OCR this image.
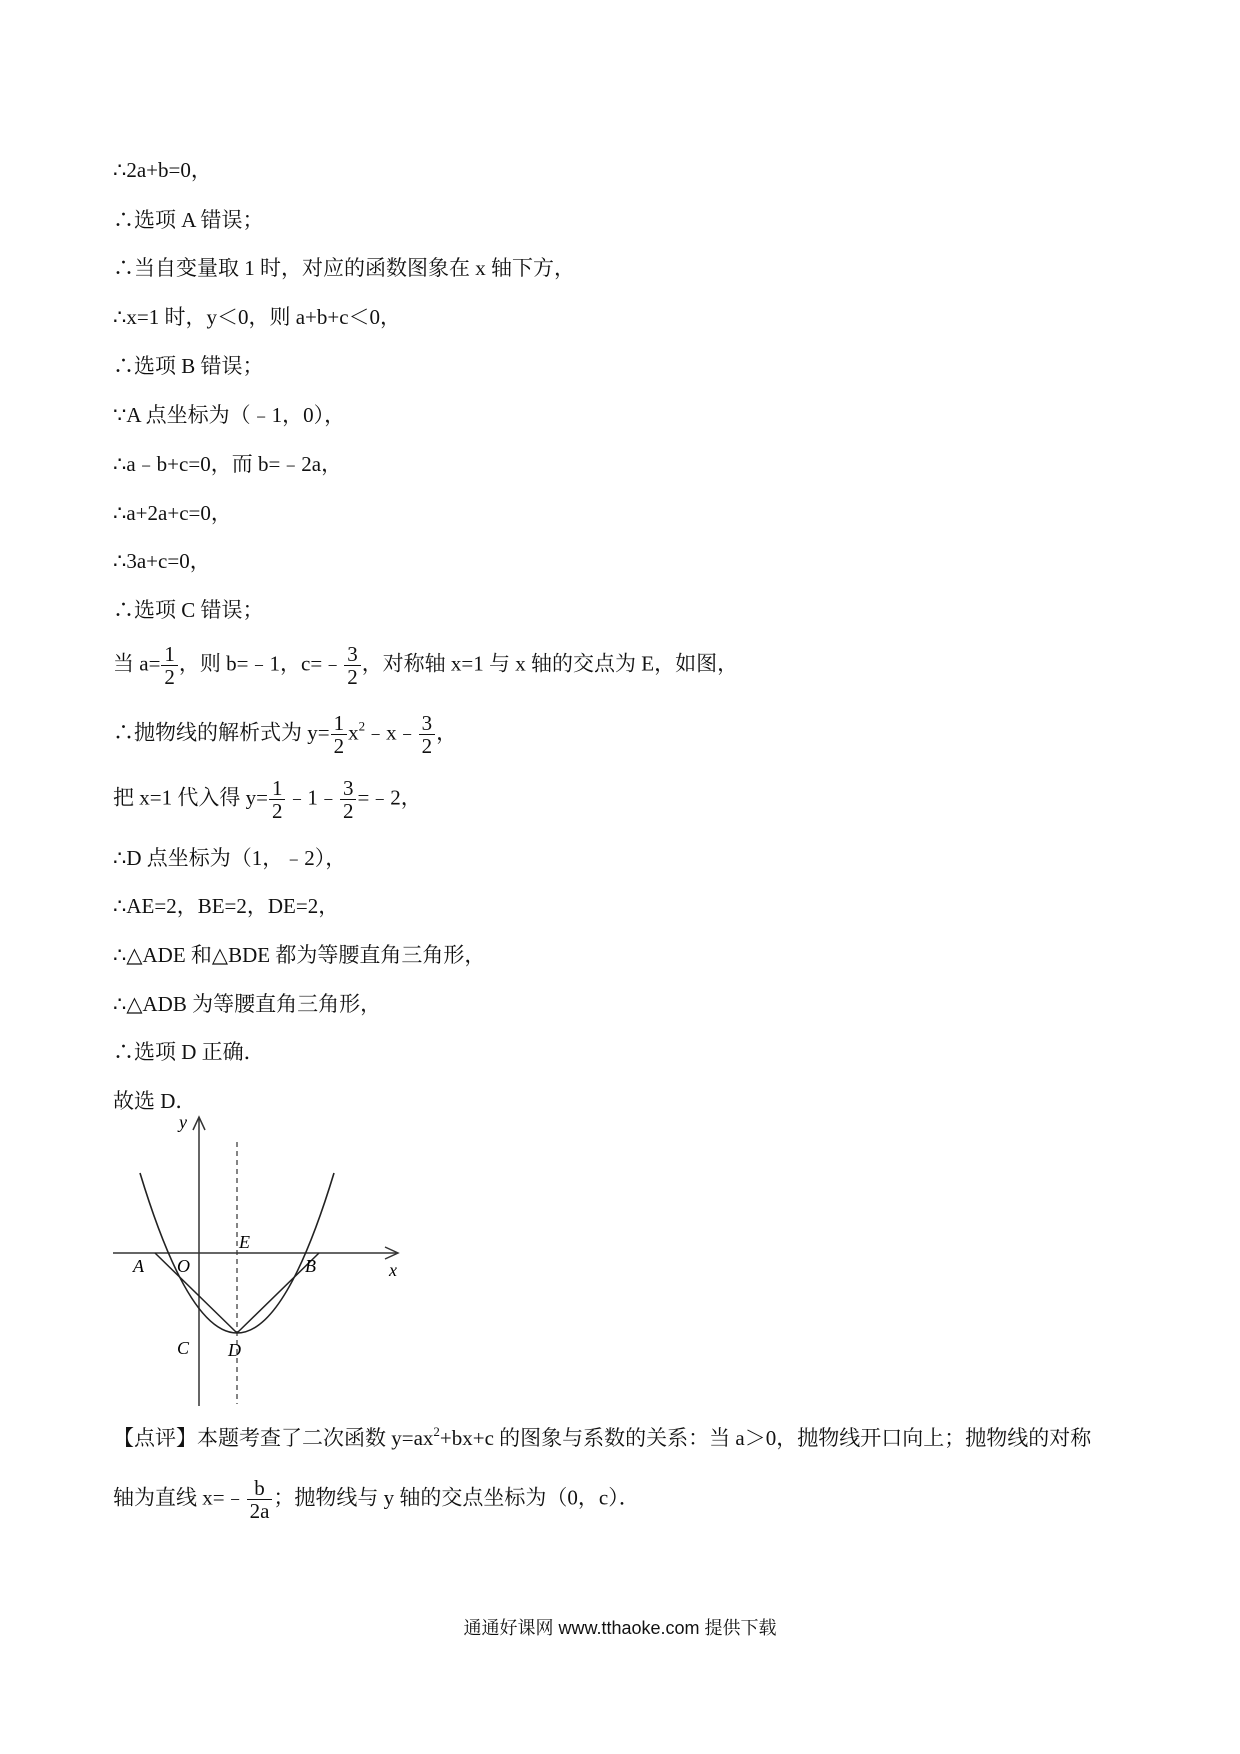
∴2a+b=0，
∴选项 A 错误；
∴当自变量取 1 时，对应的函数图象在 x 轴下方，
∴x=1 时，y＜0，则 a+b+c＜0，
∴选项 B 错误；
∵A 点坐标为（﹣1，0），
∴a﹣b+c=0，而 b=﹣2a，
∴a+2a+c=0，
∴3a+c=0，
∴选项 C 错误；
当 $a= \frac{1}{2}$ ，则 b=﹣1，c=﹣ $\frac{3}{2}$ ，对称轴 x=1 与 x 轴的交点为 E，如图，
∴抛物线的解析式为 $y= \frac{1}{2}$ $x^2﹣x﹣ \frac{3}{2}$ ，
把 x=1 代入得 $y= \frac{1}{2}$ ﹣1﹣ $\frac{3}{2}$ =﹣2，
∴D 点坐标为（1，﹣2），
∴AE=2，BE=2，DE=2，
∴△ADE 和△BDE 都为等腰直角三角形，
∴△ADB 为等腰直角三角形，
∴选项 D 正确．
故选 D．
y
x
A O
E
B
C D
【点评】本题考查了二次函数 $y=ax^2+bx+c$ 的图象与系数的关系：当 a＞0，抛物线开口向上；抛物线的对称
轴为直线 x=﹣ $\frac{b}{2a}$ ；抛物线与 y 轴的交点坐标为（0，c）．
通通好课网 www.tthaoke.com 提供下载
